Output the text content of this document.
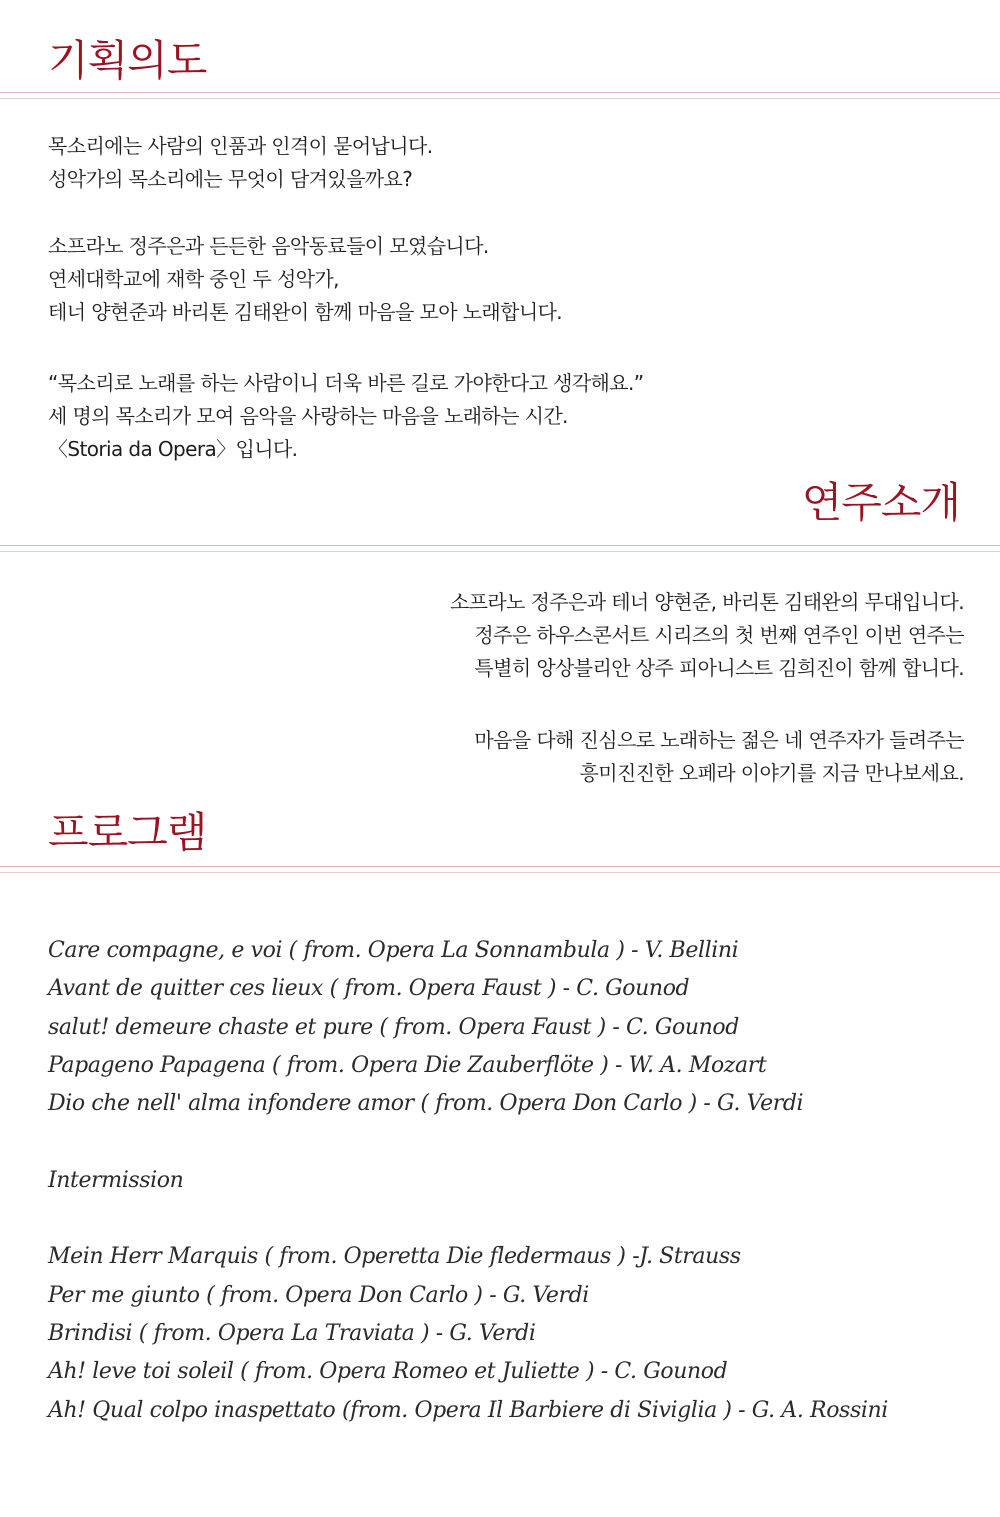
기획의도
목소리에는 사람의 인품과 인격이 묻어납니다.
성악가의 목소리에는 무엇이 담겨있을까요?
소프라노 정주은과 든든한 음악동료들이 모였습니다.
연세대학교에 재학 중인 두 성악가,
테너 양현준과 바리톤 김태완이 함께 마음을 모아 노래합니다.
“목소리로 노래를 하는 사람이니 더욱 바른 길로 가야한다고 생각해요.”
세 명의 목소리가 모여 음악을 사랑하는 마음을 노래하는 시간.
〈Storia da Opera〉입니다.
연주소개
소프라노 정주은과 테너 양현준, 바리톤 김태완의 무대입니다.
정주은 하우스콘서트 시리즈의 첫 번째 연주인 이번 연주는
특별히 앙상블리안 상주 피아니스트 김희진이 함께 합니다.
마음을 다해 진심으로 노래하는 젊은 네 연주자가 들려주는
흥미진진한 오페라 이야기를 지금 만나보세요.
프로그램
Care compagne, e voi ( from. Opera La Sonnambula ) - V. Bellini
Avant de quitter ces lieux ( from. Opera Faust ) - C. Gounod
salut! demeure chaste et pure ( from. Opera Faust ) - C. Gounod
Papageno Papagena ( from. Opera Die Zauberflöte ) - W. A. Mozart
Dio che nell' alma infondere amor ( from. Opera Don Carlo ) - G. Verdi
Intermission
Mein Herr Marquis ( from. Operetta Die fledermaus ) -J. Strauss
Per me giunto ( from. Opera Don Carlo ) - G. Verdi
Brindisi ( from. Opera La Traviata ) - G. Verdi
Ah! leve toi soleil ( from. Opera Romeo et Juliette ) - C. Gounod
Ah! Qual colpo inaspettato (from. Opera Il Barbiere di Siviglia ) - G. A. Rossini
